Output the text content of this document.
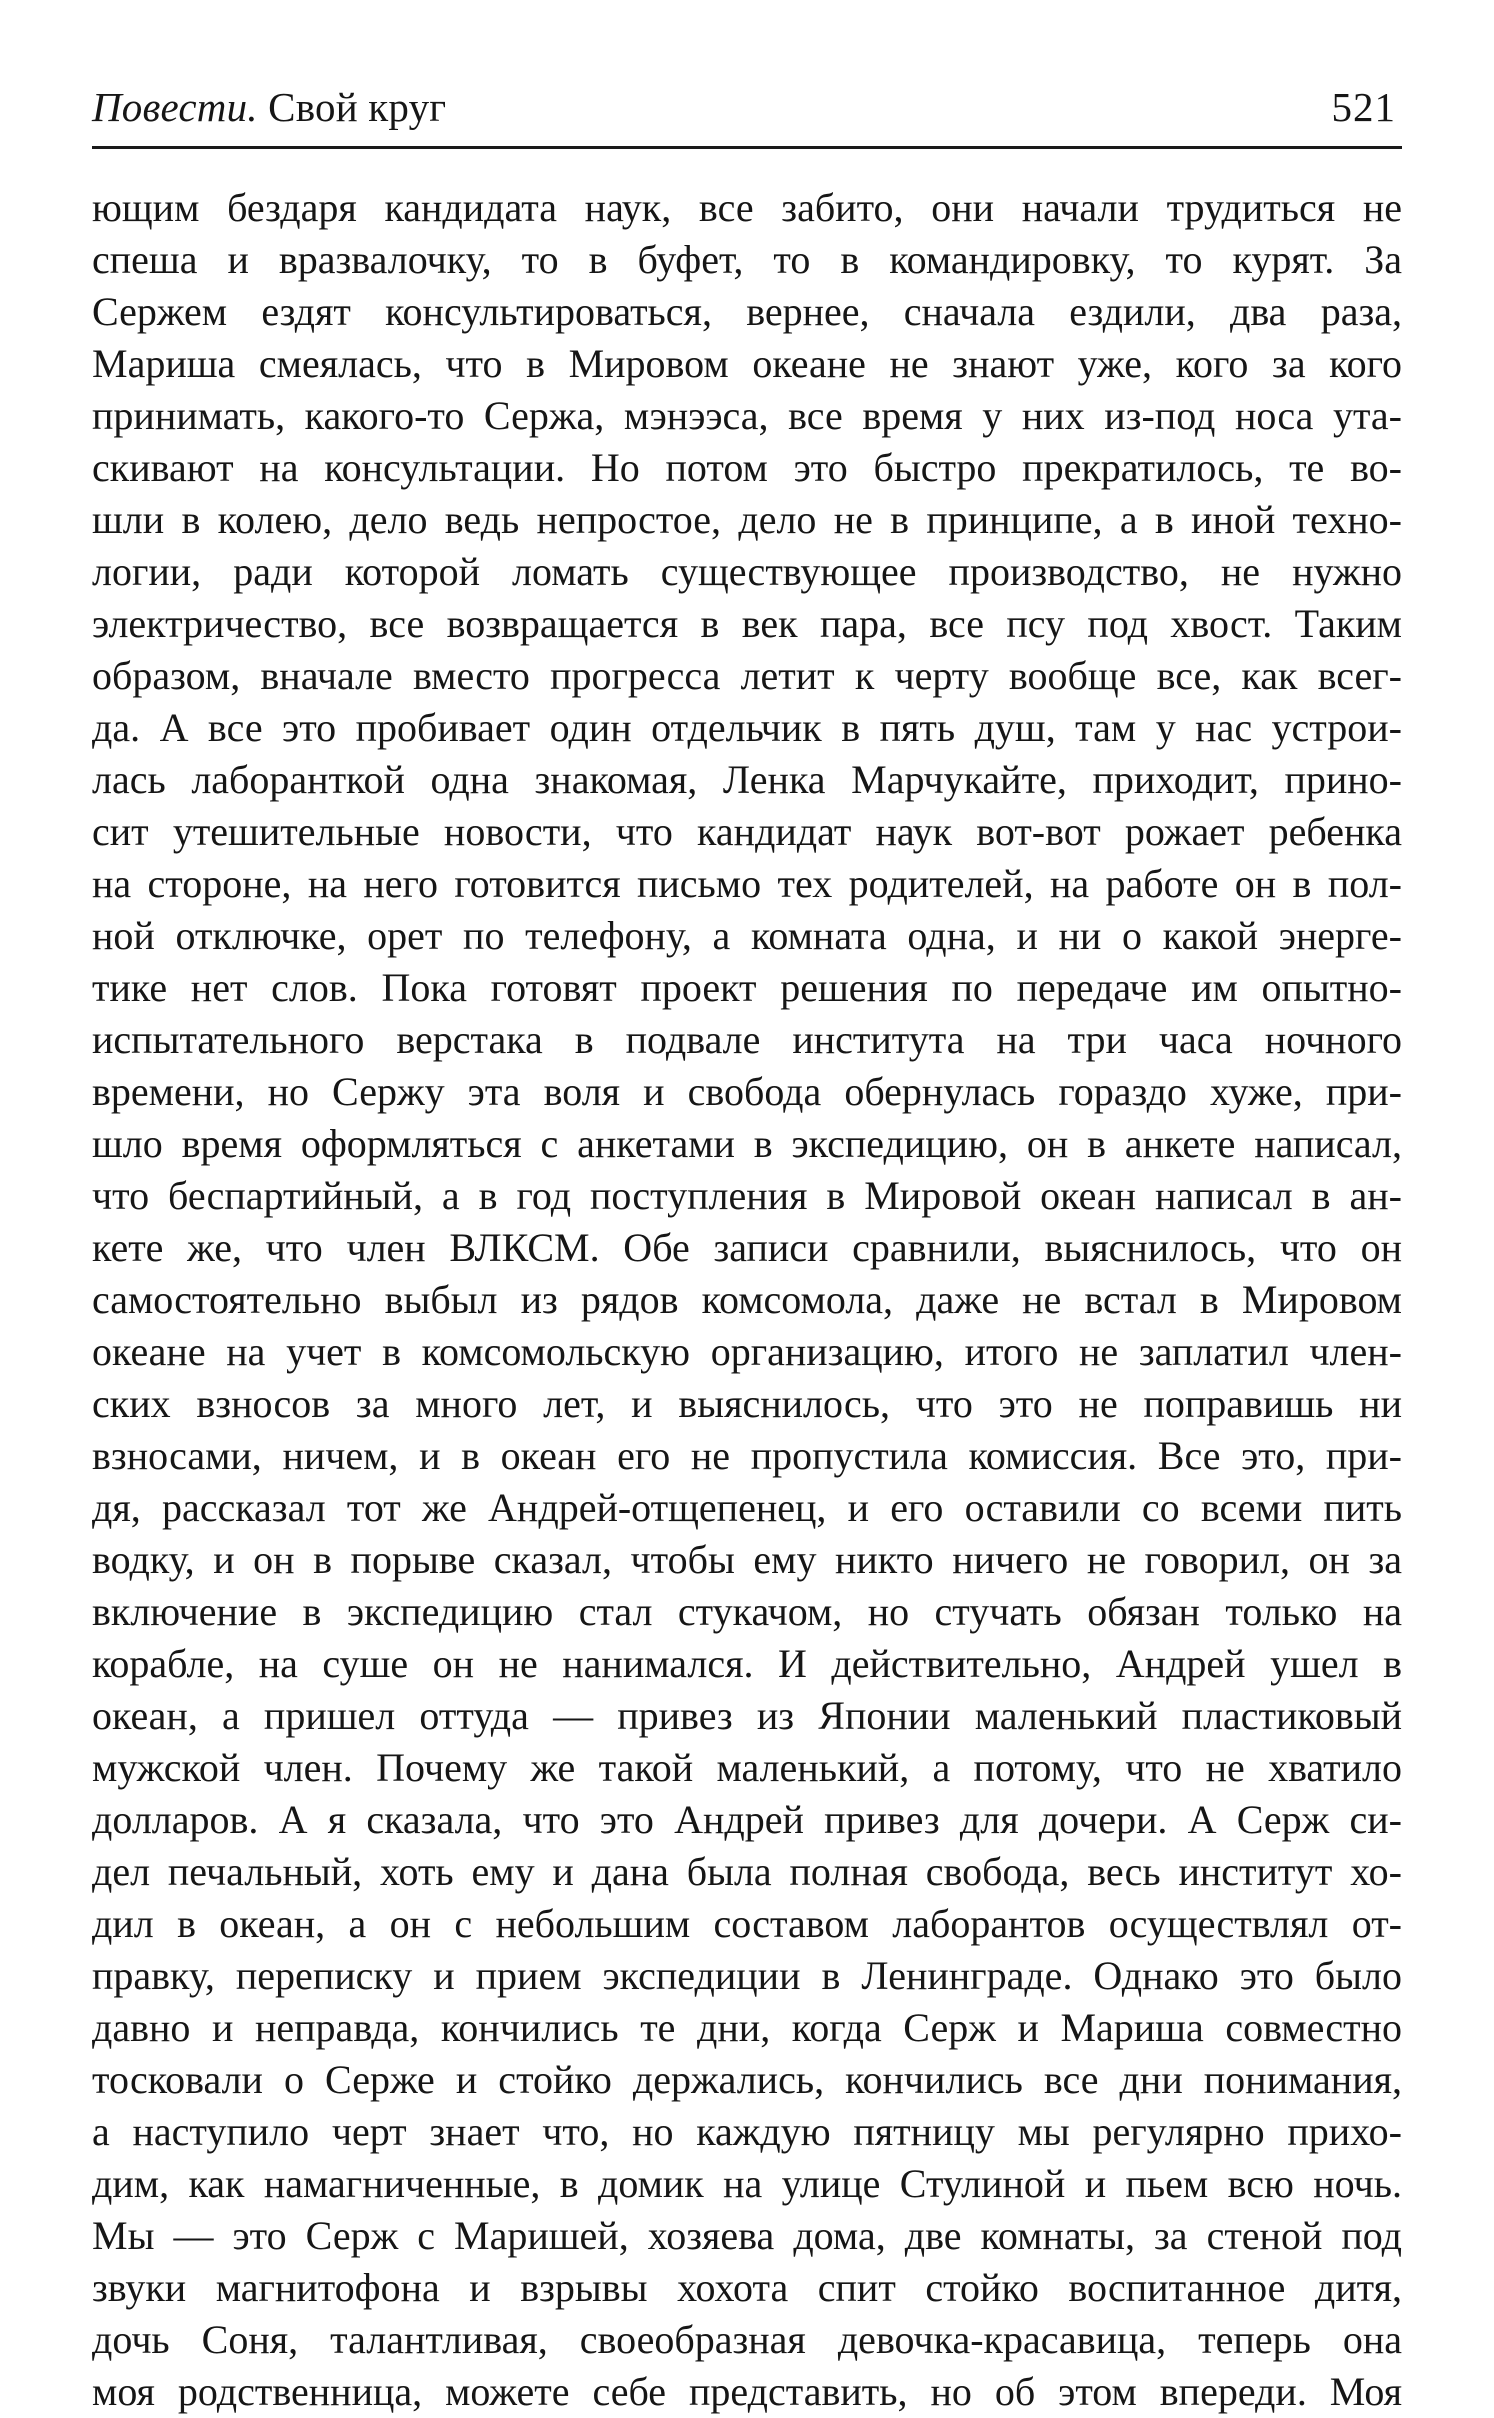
Повести. Свой круг	521
ющим бездаря кандидата наук, все забито, они начали трудиться не
спеша и вразвалочку, то в буфет, то в командировку, то курят. За
Сержем ездят консультироваться, вернее, сначала ездили, два раза,
Мариша смеялась, что в Мировом океане не знают уже, кого за кого
принимать, какого-то Сержа, мэнээса, все время у них из-под носа ута-
скивают на консультации. Но потом это быстро прекратилось, те во-
шли в колею, дело ведь непростое, дело не в принципе, а в иной техно-
логии, ради которой ломать существующее производство, не нужно
электричество, все возвращается в век пара, все псу под хвост. Таким
образом, вначале вместо прогресса летит к черту вообще все, как всег-
да. А все это пробивает один отдельчик в пять душ, там у нас устрои-
лась лаборанткой одна знакомая, Ленка Марчукайте, приходит, прино-
сит утешительные новости, что кандидат наук вот-вот рожает ребенка
на стороне, на него готовится письмо тех родителей, на работе он в пол-
ной отключке, орет по телефону, а комната одна, и ни о какой энерге-
тике нет слов. Пока готовят проект решения по передаче им опытно-
испытательного верстака в подвале института на три часа ночного
времени, но Сержу эта воля и свобода обернулась гораздо хуже, при-
шло время оформляться с анкетами в экспедицию, он в анкете написал,
что беспартийный, а в год поступления в Мировой океан написал в ан-
кете же, что член ВЛКСМ. Обе записи сравнили, выяснилось, что он
самостоятельно выбыл из рядов комсомола, даже не встал в Мировом
океане на учет в комсомольскую организацию, итого не заплатил член-
ских взносов за много лет, и выяснилось, что это не поправишь ни
взносами, ничем, и в океан его не пропустила комиссия. Все это, при-
дя, рассказал тот же Андрей-отщепенец, и его оставили со всеми пить
водку, и он в порыве сказал, чтобы ему никто ничего не говорил, он за
включение в экспедицию стал стукачом, но стучать обязан только на
корабле, на суше он не нанимался. И действительно, Андрей ушел в
океан, а пришел оттуда — привез из Японии маленький пластиковый
мужской член. Почему же такой маленький, а потому, что не хватило
долларов. А я сказала, что это Андрей привез для дочери. А Серж си-
дел печальный, хоть ему и дана была полная свобода, весь институт хо-
дил в океан, а он с небольшим составом лаборантов осуществлял от-
правку, переписку и прием экспедиции в Ленинграде. Однако это было
давно и неправда, кончились те дни, когда Серж и Мариша совместно
тосковали о Серже и стойко держались, кончились все дни понимания,
а наступило черт знает что, но каждую пятницу мы регулярно прихо-
дим, как намагниченные, в домик на улице Стулиной и пьем всю ночь.
Мы — это Серж с Маришей, хозяева дома, две комнаты, за стеной под
звуки магнитофона и взрывы хохота спит стойко воспитанное дитя,
дочь Соня, талантливая, своеобразная девочка-красавица, теперь она
моя родственница, можете себе представить, но об этом впереди. Моя
